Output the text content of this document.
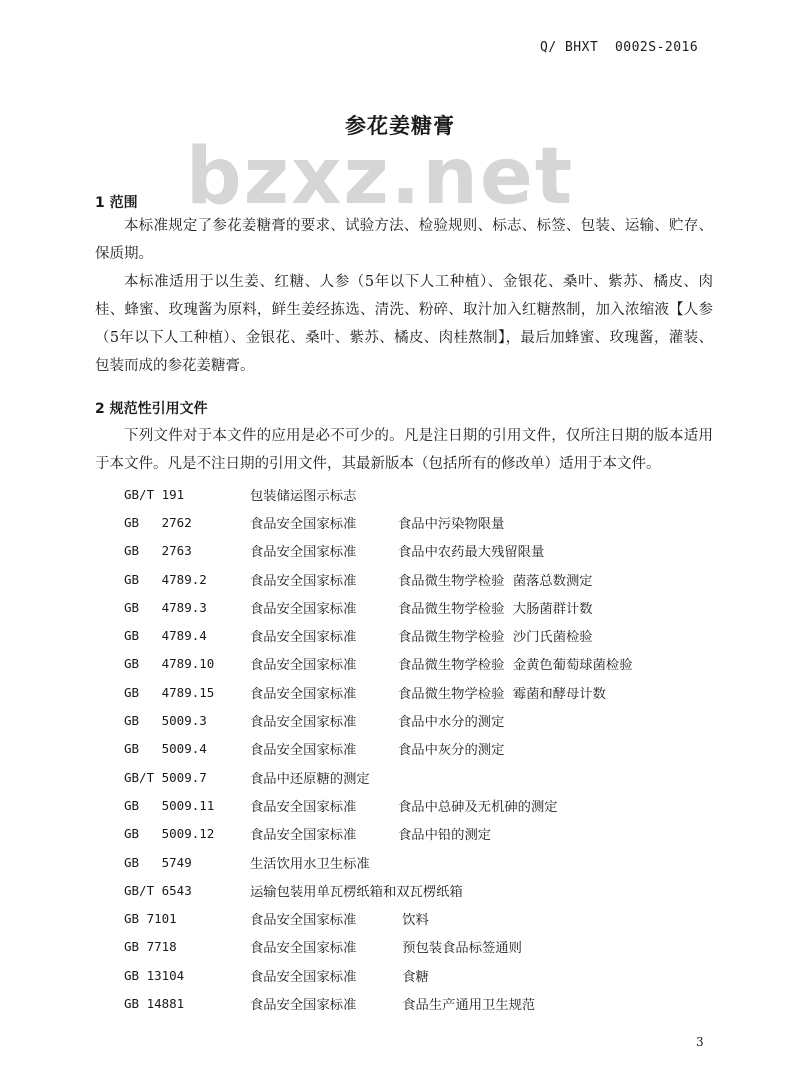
Q/ BHXT  0002S-2016
bzxz.net
参花姜糖膏
1 范围

本标准规定了参花姜糖膏的要求、试验方法、检验规则、标志、标签、包装、运输、贮存、保质期。

本标准适用于以生姜、红糖、人参（5年以下人工种植）、金银花、桑叶、紫苏、橘皮、肉桂、蜂蜜、玫瑰酱为原料，鲜生姜经拣选、清洗、粉碎、取汁加入红糖熬制，加入浓缩液【人参（5年以下人工种植）、金银花、桑叶、紫苏、橘皮、肉桂熬制】，最后加蜂蜜、玫瑰酱，灌装、包装而成的参花姜糖膏。

2 规范性引用文件

下列文件对于本文件的应用是必不可少的。凡是注日期的引用文件，仅所注日期的版本适用于本文件。凡是不注日期的引用文件，其最新版本（包括所有的修改单）适用于本文件。

GB/T 191	包装储运图示标志
GB   2762	食品安全国家标准	食品中污染物限量
GB   2763	食品安全国家标准	食品中农药最大残留限量
GB   4789.2	食品安全国家标准	食品微生物学检验  菌落总数测定
GB   4789.3	食品安全国家标准	食品微生物学检验  大肠菌群计数
GB   4789.4	食品安全国家标准	食品微生物学检验  沙门氏菌检验
GB   4789.10	食品安全国家标准	食品微生物学检验  金黄色葡萄球菌检验
GB   4789.15	食品安全国家标准	食品微生物学检验  霉菌和酵母计数
GB   5009.3	食品安全国家标准	食品中水分的测定
GB   5009.4	食品安全国家标准	食品中灰分的测定
GB/T 5009.7	食品中还原糖的测定
GB   5009.11	食品安全国家标准	食品中总砷及无机砷的测定
GB   5009.12	食品安全国家标准	食品中铅的测定
GB   5749	生活饮用水卫生标准
GB/T 6543	运输包装用单瓦楞纸箱和双瓦楞纸箱
GB 7101	食品安全国家标准	饮料
GB 7718	食品安全国家标准	预包装食品标签通则
GB 13104	食品安全国家标准	食糖
GB 14881	食品安全国家标准	食品生产通用卫生规范
3
